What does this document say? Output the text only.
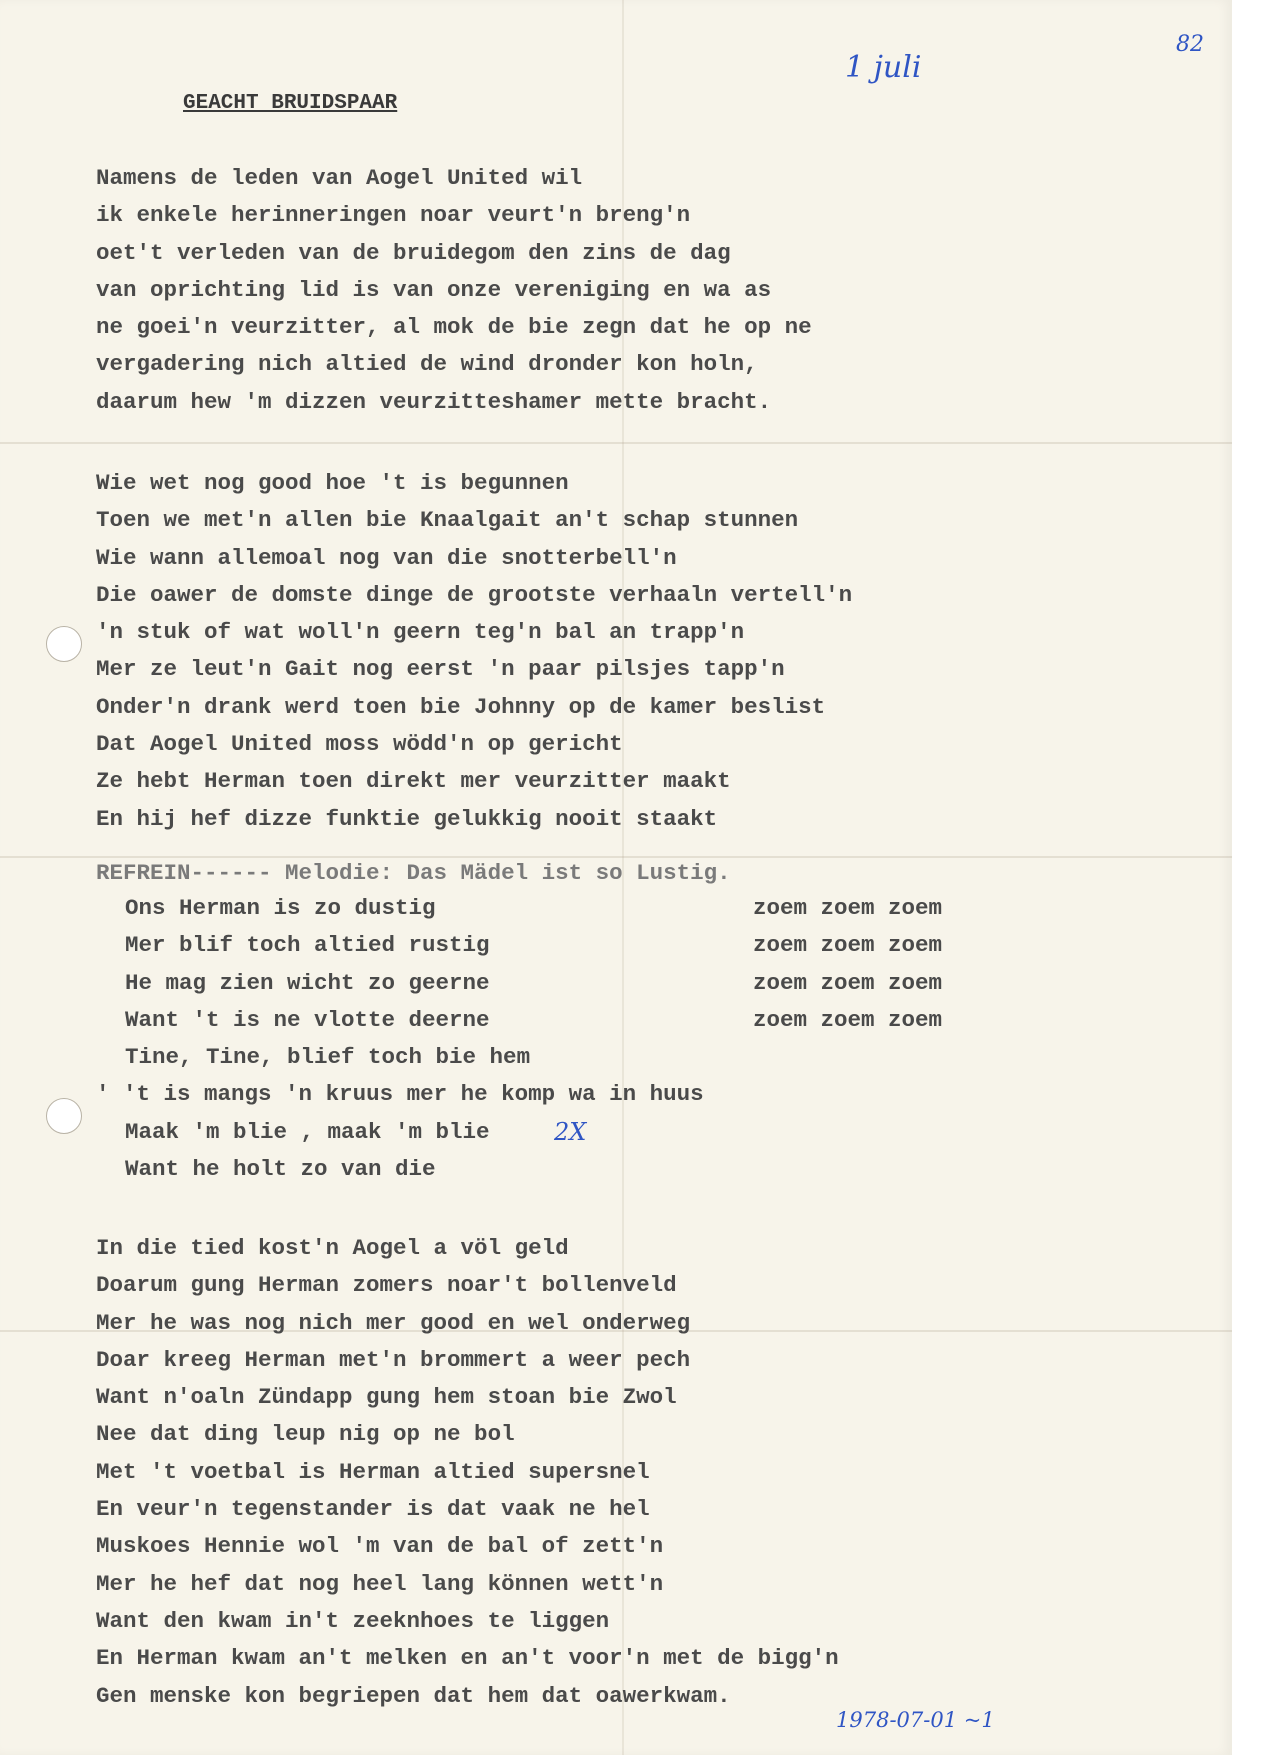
82
1 juli
1978-07-01 ~1
2X
GEACHT BRUIDSPAAR
Namens de leden van Aogel United wil
ik enkele herinneringen noar veurt'n breng'n
oet't verleden van de bruidegom den zins de dag
van oprichting lid is van onze vereniging en wa as
ne goei'n veurzitter, al mok de bie zegn dat he op ne
vergadering nich altied de wind dronder kon holn,
daarum hew 'm dizzen veurzitteshamer mette bracht.
Wie wet nog good hoe 't is begunnen
Toen we met'n allen bie Knaalgait an't schap stunnen
Wie wann allemoal nog van die snotterbell'n
Die oawer de domste dinge de grootste verhaaln vertell'n
'n stuk of wat woll'n geern teg'n bal an trapp'n
Mer ze leut'n Gait nog eerst 'n paar pilsjes tapp'n
Onder'n drank werd toen bie Johnny op de kamer beslist
Dat Aogel United moss wödd'n op gericht
Ze hebt Herman toen direkt mer veurzitter maakt
En hij hef dizze funktie gelukkig nooit staakt
REFREIN------ Melodie: Das Mädel ist so Lustig.
Ons Herman is zo dustig
Mer blif toch altied rustig
He mag zien wicht zo geerne
Want 't is ne vlotte deerne
Tine, Tine, blief toch bie hem
' 't is mangs 'n kruus mer he komp wa in huus
Maak 'm blie , maak 'm blie
Want he holt zo van die
zoem zoem zoem
zoem zoem zoem
zoem zoem zoem
zoem zoem zoem
In die tied kost'n Aogel a völ geld
Doarum gung Herman zomers noar't bollenveld
Mer he was nog nich mer good en wel onderweg
Doar kreeg Herman met'n brommert a weer pech
Want n'oaln Zündapp gung hem stoan bie Zwol
Nee dat ding leup nig op ne bol
Met 't voetbal is Herman altied supersnel
En veur'n tegenstander is dat vaak ne hel
Muskoes Hennie wol 'm van de bal of zett'n
Mer he hef dat nog heel lang können wett'n
Want den kwam in't zeeknhoes te liggen
En Herman kwam an't melken en an't voor'n met de bigg'n
Gen menske kon begriepen dat hem dat oawerkwam.
